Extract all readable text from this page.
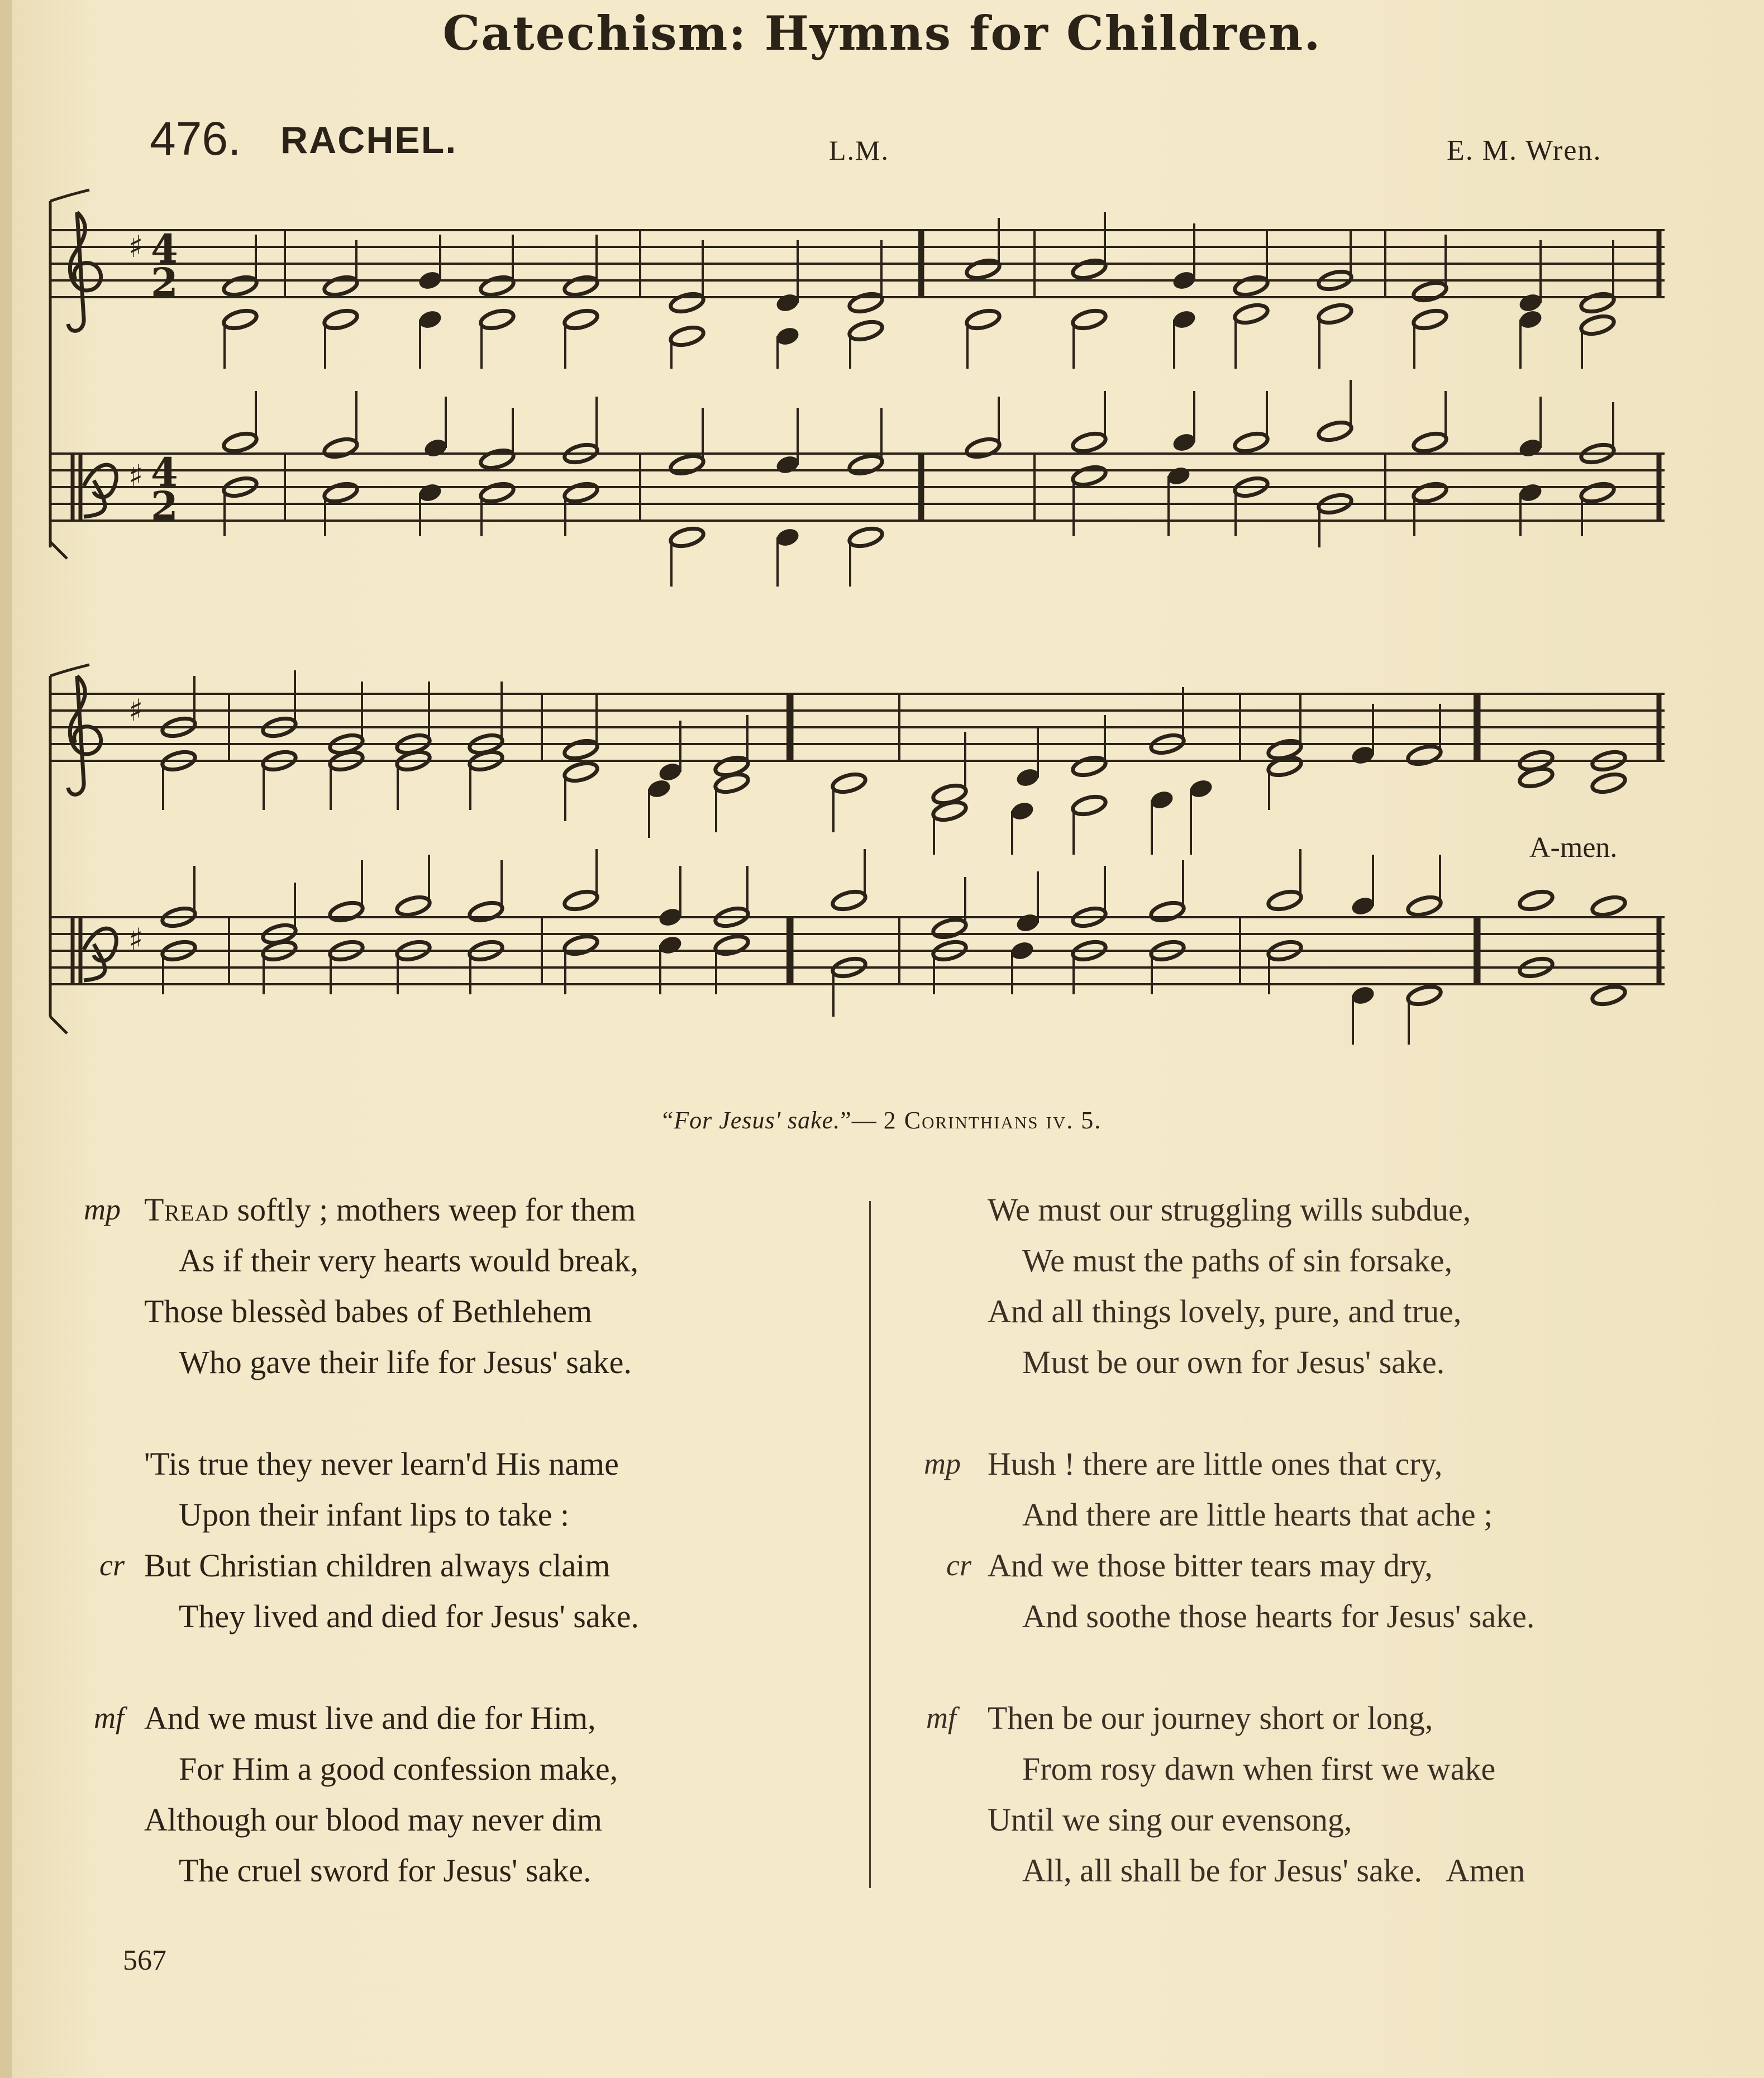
Catechism: Hymns for Children.
476. RACHEL.	L.M.	E. M. Wren.
♯
♯
4
2
4
2
♯
♯
A-men.
“For Jesus' sake.”— 2 Corinthians iv. 5.
mp Tread softly ; mothers weep for them
As if their very hearts would break,
Those blessèd babes of Bethlehem
Who gave their life for Jesus' sake.
'Tis true they never learn'd His name
Upon their infant lips to take :
cr But Christian children always claim
They lived and died for Jesus' sake.
mf And we must live and die for Him,
For Him a good confession make,
Although our blood may never dim
The cruel sword for Jesus' sake.
We must our struggling wills subdue,
We must the paths of sin forsake,
And all things lovely, pure, and true,
Must be our own for Jesus' sake.
mp Hush ! there are little ones that cry,
And there are little hearts that ache ;
cr And we those bitter tears may dry,
And soothe those hearts for Jesus' sake.
mf Then be our journey short or long,
From rosy dawn when first we wake
Until we sing our evensong,
All, all shall be for Jesus' sake. Amen
567
